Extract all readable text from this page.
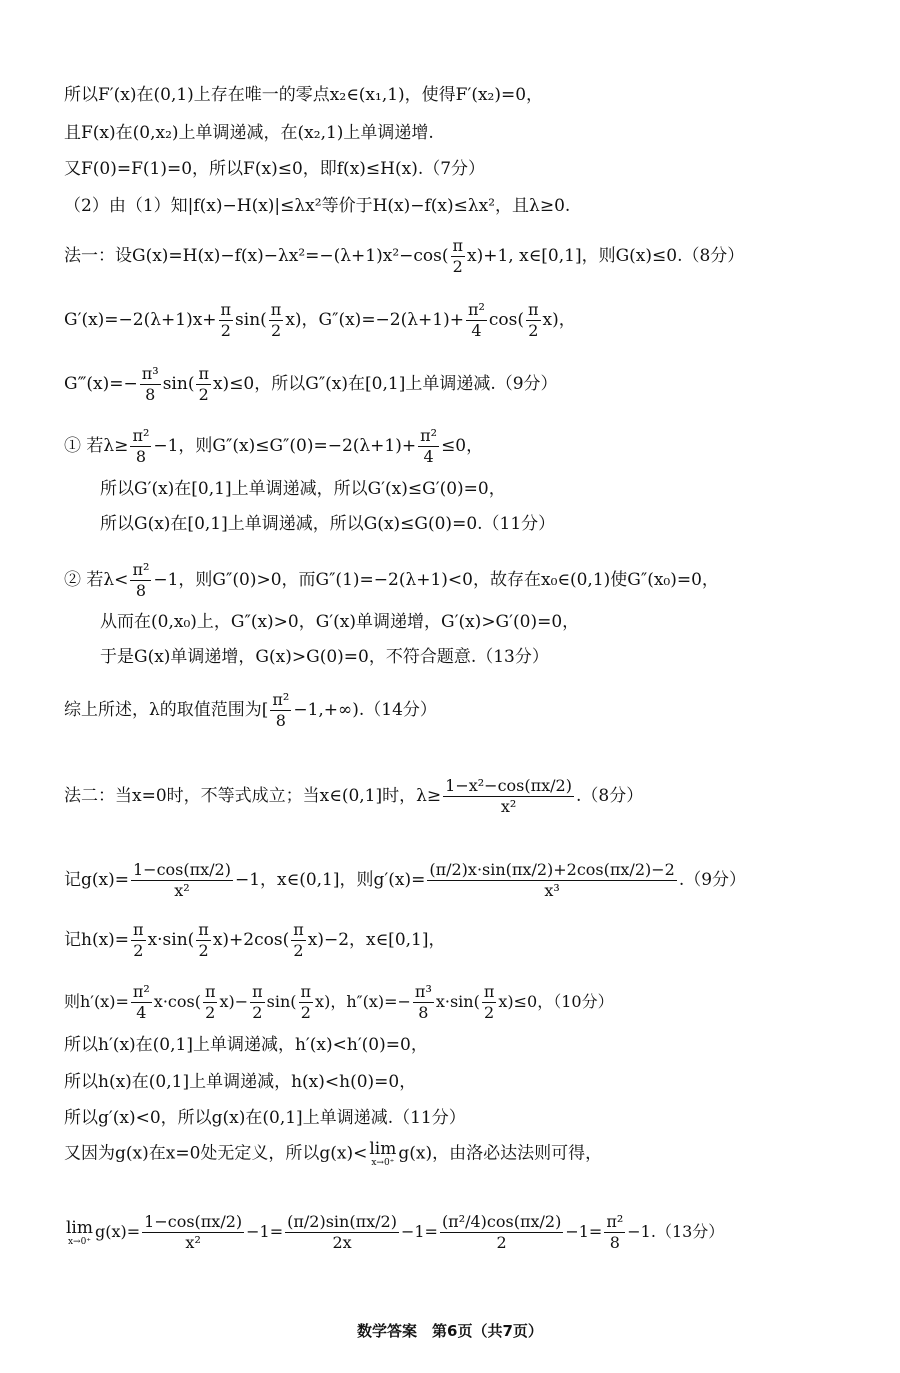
所以F′(x)在(0,1)上存在唯一的零点x₂∈(x₁,1)，使得F′(x₂)=0，
且F(x)在(0,x₂)上单调递减，在(x₂,1)上单调递增.
又F(0)=F(1)=0，所以F(x)≤0，即f(x)≤H(x).（7分）
（2）由（1）知|f(x)−H(x)|≤λx²等价于H(x)−f(x)≤λx²，且λ≥0.
法一：设$G(x)=H(x)-f(x)-\lambda x^2=-(\lambda+1)x^2-\cos( \frac{\pi}{2} x)+1$, x∈[0,1]，则G(x)≤0.（8分）
$G'(x)=-2(\lambda+1)x+ \frac{\pi}{2} \sin( \frac{\pi}{2} x)$，$G''(x)=-2(\lambda+1)+ \frac{\text{π²}}{4} \cos( \frac{\pi}{2} x)$，
G‴(x)=− $\frac{\text{π³}}{8} \sin( \frac{\pi}{2} x)\le 0$，所以G″(x)在[0,1]上单调递减.（9分）
① 若$\lambda\ge \frac{\text{π²}}{8} -1$，则$G''(x)\le G''(0)=-2(\lambda+1)+ \frac{\text{π²}}{4} \le 0$，
所以G′(x)在[0,1]上单调递减，所以G′(x)≤G′(0)=0，
所以G(x)在[0,1]上单调递减，所以G(x)≤G(0)=0.（11分）
② 若$\lambda< \frac{\text{π²}}{8} -1$，则G″(0)>0，而G″(1)=−2(λ+1)<0，故存在x₀∈(0,1)使G″(x₀)=0，
从而在(0,x₀)上，G″(x)>0，G′(x)单调递增，G′(x)>G′(0)=0，
于是G(x)单调递增，G(x)>G(0)=0，不符合题意.（13分）
综上所述，λ的取值范围为[ $\frac{\text{π²}}{8} -1,+\infty).(14$分）
法二：当x=0时，不等式成立；当x∈(0,1]时，$\lambda\ge \frac{\text{1−x²−cos(πx/2)}}{\text{x²}} .(8$分）
记$g(x)= \frac{1-\cos(\pi x/2)}{\text{x²}} -1$，x∈(0,1]，则$g'(x)= \frac{(\pi/2)x\cdot\sin(\pi x/2)+2\cos(\pi x/2)-2}{\text{x³}} .(9$分）
记$h(x)= \frac{\pi}{2} x\cdot\sin( \frac{\pi}{2} x)+2\cos( \frac{\pi}{2} x)-2$，x∈[0,1]，
则$h'(x)= \frac{\text{π²}}{4} x\cdot\cos( \frac{\pi}{2} x)- \frac{\pi}{2} \sin( \frac{\pi}{2} x)$，$h''(x)=- \frac{\text{π³}}{8} x\cdot\sin( \frac{\pi}{2} x)\le 0$，（10分）
所以h′(x)在(0,1]上单调递减，h′(x)<h′(0)=0，
所以h(x)在(0,1]上单调递减，h(x)<h(0)=0，
所以g′(x)<0，所以g(x)在(0,1]上单调递减.（11分）
又因为g(x)在x=0处无定义，所以g(x)< lim
x→0⁺ g(x)，由洛必达法则可得，
lim
x→0⁺
$g(x)= \frac{1-\cos(\pi x/2)}{\text{x²}} -1= \frac{(\pi/2)\sin(\pi x/2)}{2x} -1= \frac{\text{(π²/4)cos(πx/2)}}{2} -1= \frac{\text{π²}}{8} -1.(13$分）
数学答案　第6页（共7页）
